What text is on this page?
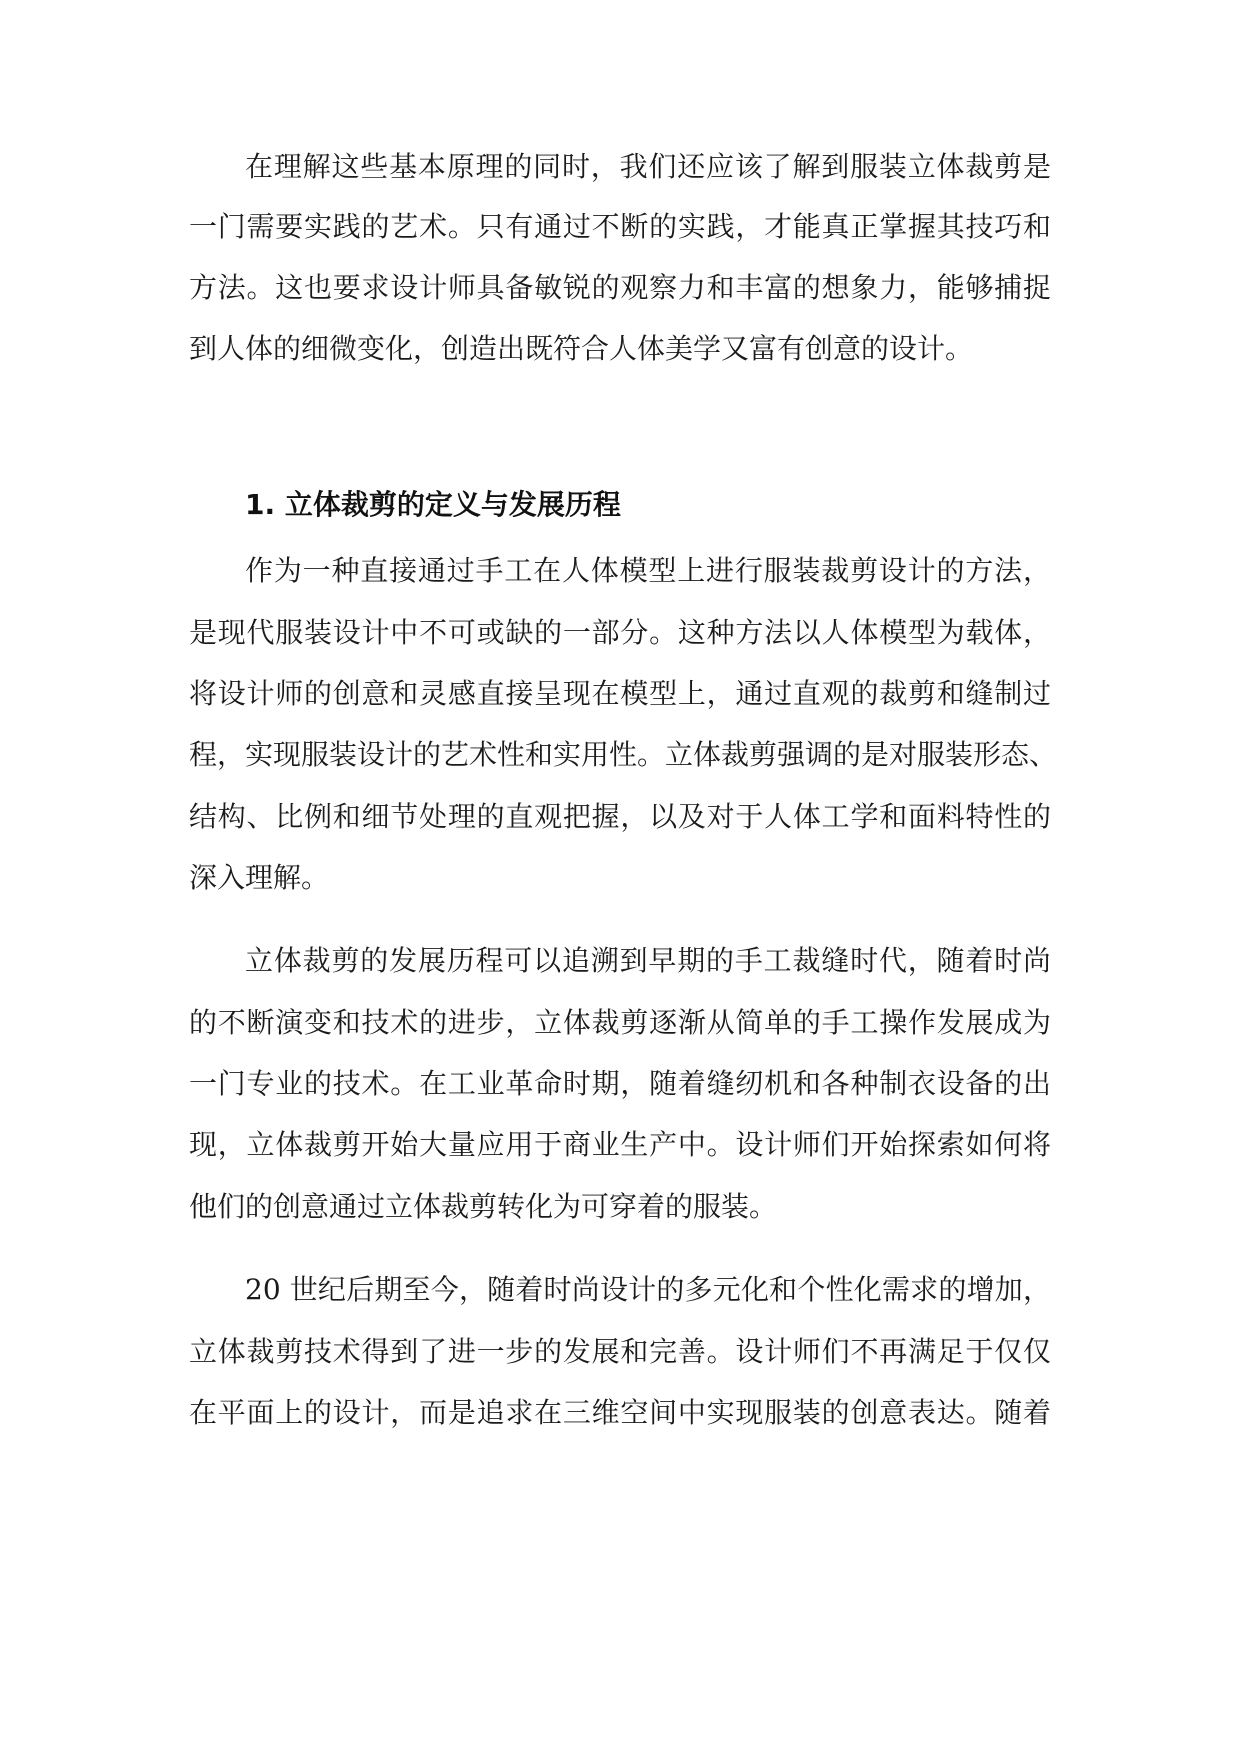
在理解这些基本原理的同时，我们还应该了解到服装立体裁剪是
一门需要实践的艺术。只有通过不断的实践，才能真正掌握其技巧和
方法。这也要求设计师具备敏锐的观察力和丰富的想象力，能够捕捉
到人体的细微变化，创造出既符合人体美学又富有创意的设计。
1. 立体裁剪的定义与发展历程
作为一种直接通过手工在人体模型上进行服装裁剪设计的方法，
是现代服装设计中不可或缺的一部分。这种方法以人体模型为载体，
将设计师的创意和灵感直接呈现在模型上，通过直观的裁剪和缝制过
程，实现服装设计的艺术性和实用性。立体裁剪强调的是对服装形态、
结构、比例和细节处理的直观把握，以及对于人体工学和面料特性的
深入理解。
立体裁剪的发展历程可以追溯到早期的手工裁缝时代，随着时尚
的不断演变和技术的进步，立体裁剪逐渐从简单的手工操作发展成为
一门专业的技术。在工业革命时期，随着缝纫机和各种制衣设备的出
现，立体裁剪开始大量应用于商业生产中。设计师们开始探索如何将
他们的创意通过立体裁剪转化为可穿着的服装。
20 世纪后期至今，随着时尚设计的多元化和个性化需求的增加，
立体裁剪技术得到了进一步的发展和完善。设计师们不再满足于仅仅
在平面上的设计，而是追求在三维空间中实现服装的创意表达。随着
